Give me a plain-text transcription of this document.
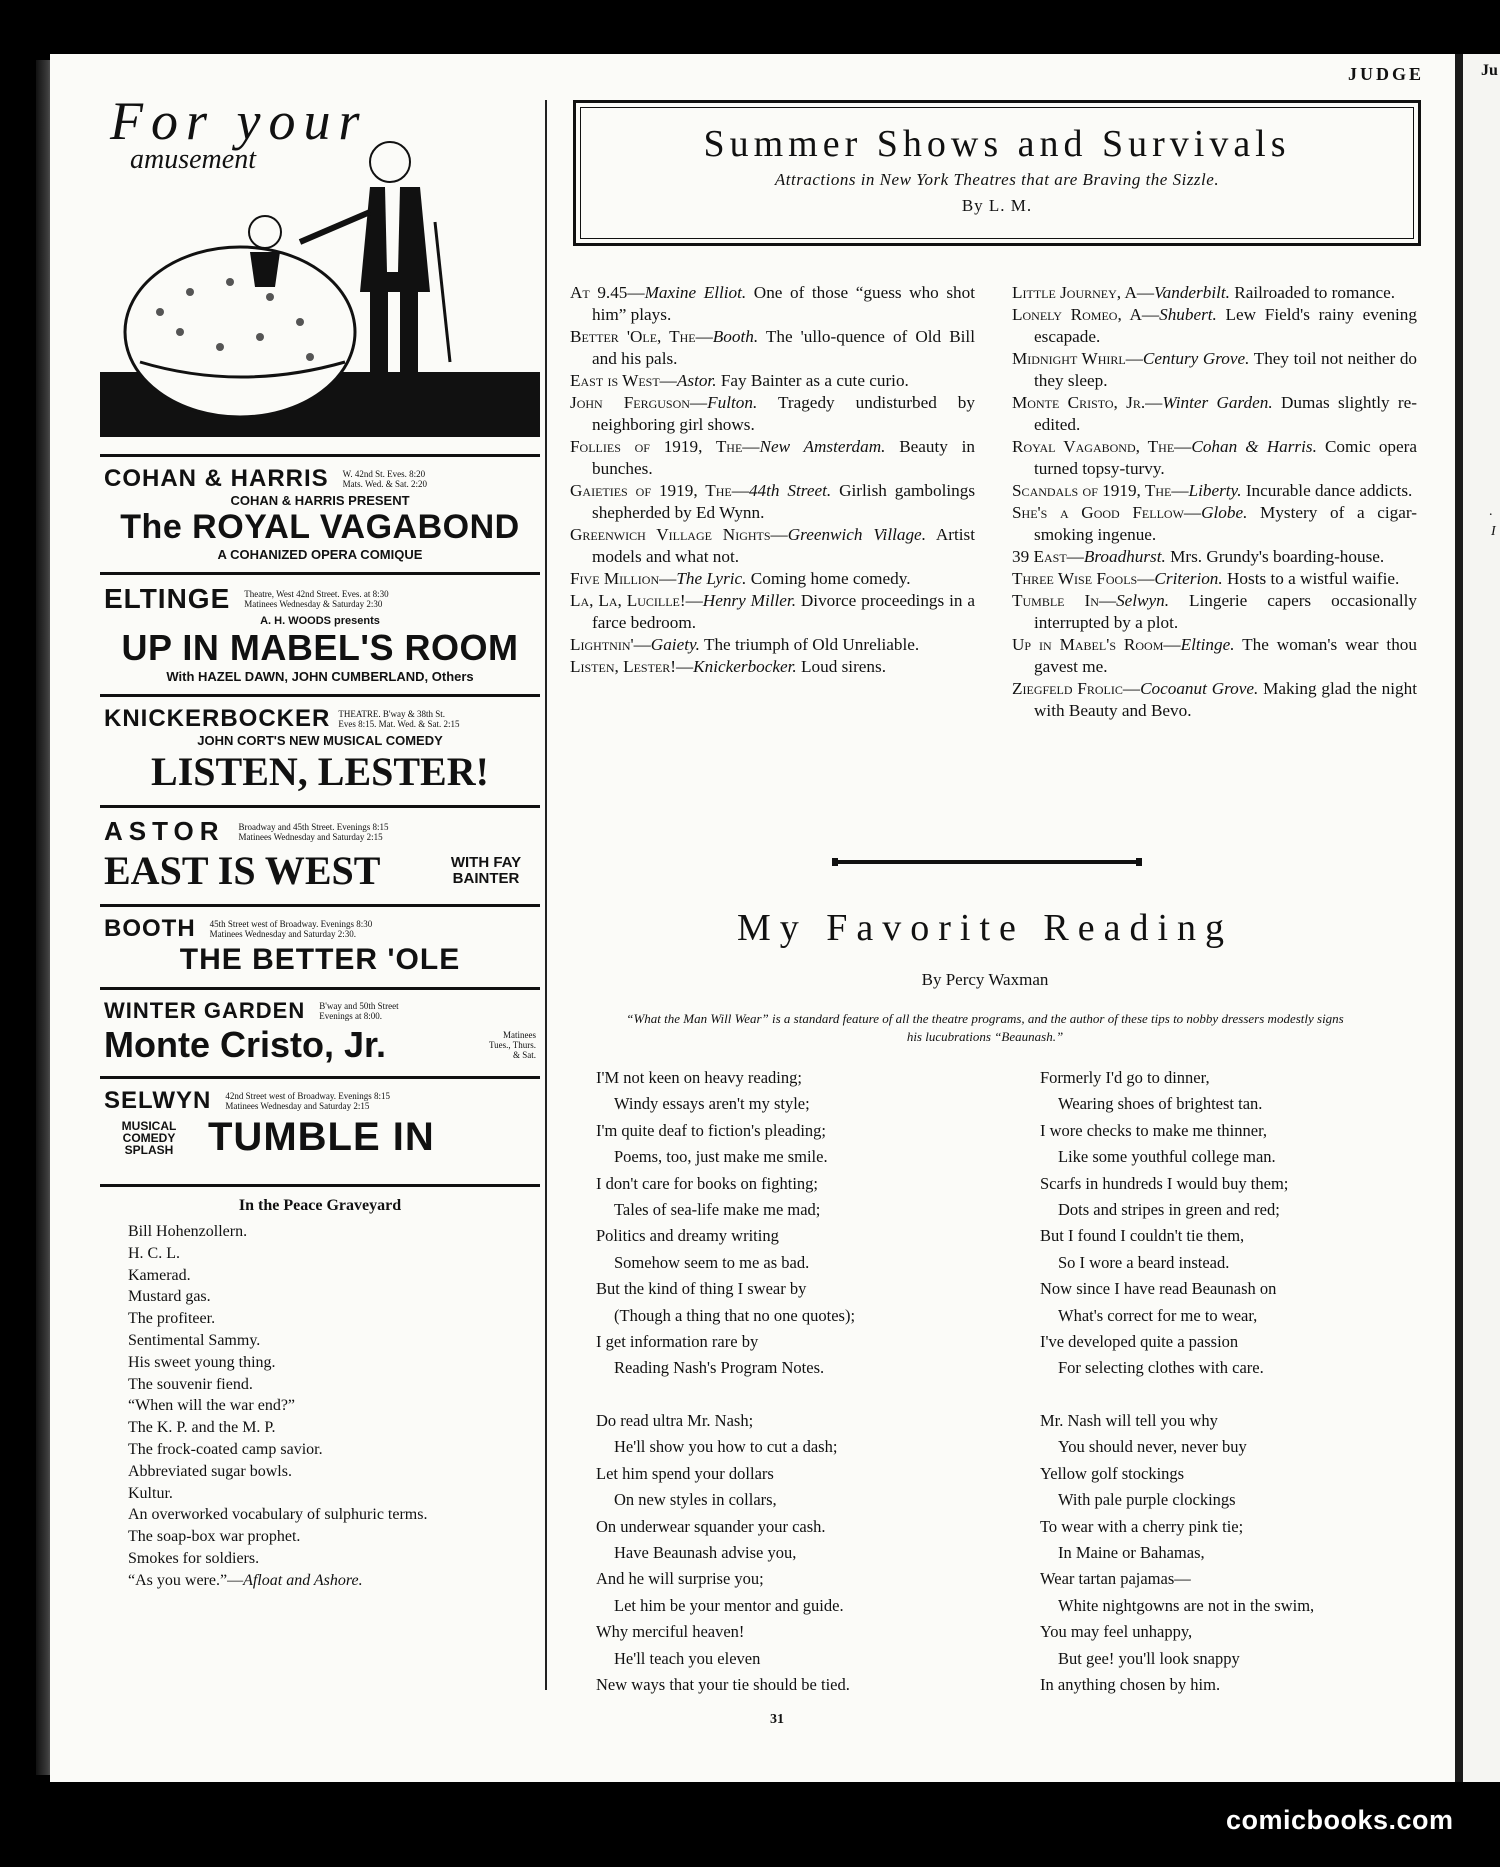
Ju
.
I
JUDGE
For your
amusement
COHAN & HARRIS W. 42nd St. Eves. 8:20
Mats. Wed. & Sat. 2:20
COHAN & HARRIS PRESENT
The ROYAL VAGABOND
A COHANIZED OPERA COMIQUE
ELTINGE Theatre, West 42nd Street. Eves. at 8:30
Matinees Wednesday & Saturday 2:30
A. H. WOODS presents
UP IN MABEL'S ROOM
With HAZEL DAWN, JOHN CUMBERLAND, Others
KNICKERBOCKER THEATRE. B'way & 38th St.
Eves 8:15. Mat. Wed. & Sat. 2:15
JOHN CORT'S NEW MUSICAL COMEDY
LISTEN, LESTER!
ASTOR Broadway and 45th Street. Evenings 8:15
Matinees Wednesday and Saturday 2:15
EAST IS WEST	WITH FAY BAINTER
BOOTH 45th Street west of Broadway. Evenings 8:30
Matinees Wednesday and Saturday 2:30.
THE BETTER 'OLE
WINTER GARDEN B'way and 50th Street
Evenings at 8:00.
Monte Cristo, Jr.	Matinees
Tues., Thurs.
& Sat.
SELWYN 42nd Street west of Broadway. Evenings 8:15
Matinees Wednesday and Saturday 2:15
MUSICAL
COMEDY
SPLASH TUMBLE IN
In the Peace Graveyard
Bill Hohenzollern.
H. C. L.
Kamerad.
Mustard gas.
The profiteer.
Sentimental Sammy.
His sweet young thing.
The souvenir fiend.
“When will the war end?”
The K. P. and the M. P.
The frock-coated camp savior.
Abbreviated sugar bowls.
Kultur.
An overworked vocabulary of sulphuric terms.
The soap-box war prophet.
Smokes for soldiers.
“As you were.”—Afloat and Ashore.
Summer Shows and Survivals
Attractions in New York Theatres that are Braving the Sizzle.
By L. M.
At 9.45—Maxine Elliot. One of those “guess who shot him” plays.
Better 'Ole, The—Booth. The 'ullo-quence of Old Bill and his pals.
East is West—Astor. Fay Bainter as a cute curio.
John Ferguson—Fulton. Tragedy undisturbed by neighboring girl shows.
Follies of 1919, The—New Amsterdam. Beauty in bunches.
Gaieties of 1919, The—44th Street. Girlish gambolings shepherded by Ed Wynn.
Greenwich Village Nights—Greenwich Village. Artist models and what not.
Five Million—The Lyric. Coming home comedy.
La, La, Lucille!—Henry Miller. Divorce proceedings in a farce bedroom.
Lightnin'—Gaiety. The triumph of Old Unreliable.
Listen, Lester!—Knickerbocker. Loud sirens.
Little Journey, A—Vanderbilt. Railroaded to romance.
Lonely Romeo, A—Shubert. Lew Field's rainy evening escapade.
Midnight Whirl—Century Grove. They toil not neither do they sleep.
Monte Cristo, Jr.—Winter Garden. Dumas slightly re-edited.
Royal Vagabond, The—Cohan & Harris. Comic opera turned topsy-turvy.
Scandals of 1919, The—Liberty. Incurable dance addicts.
She's a Good Fellow—Globe. Mystery of a cigar-smoking ingenue.
39 East—Broadhurst. Mrs. Grundy's boarding-house.
Three Wise Fools—Criterion. Hosts to a wistful waifie.
Tumble In—Selwyn. Lingerie capers occasionally interrupted by a plot.
Up in Mabel's Room—Eltinge. The woman's wear thou gavest me.
Ziegfeld Frolic—Cocoanut Grove. Making glad the night with Beauty and Bevo.
My Favorite Reading
By Percy Waxman
“What the Man Will Wear” is a standard feature of all the theatre programs, and the author of these tips to nobby dressers modestly signs his lucubrations “Beaunash.”
I'M not keen on heavy reading;
Windy essays aren't my style;
I'm quite deaf to fiction's pleading;
Poems, too, just make me smile.
I don't care for books on fighting;
Tales of sea-life make me mad;
Politics and dreamy writing
Somehow seem to me as bad.
But the kind of thing I swear by
(Though a thing that no one quotes);
I get information rare by
Reading Nash's Program Notes.
Do read ultra Mr. Nash;
He'll show you how to cut a dash;
Let him spend your dollars
On new styles in collars,
On underwear squander your cash.
Have Beaunash advise you,
And he will surprise you;
Let him be your mentor and guide.
Why merciful heaven!
He'll teach you eleven
New ways that your tie should be tied.
Formerly I'd go to dinner,
Wearing shoes of brightest tan.
I wore checks to make me thinner,
Like some youthful college man.
Scarfs in hundreds I would buy them;
Dots and stripes in green and red;
But I found I couldn't tie them,
So I wore a beard instead.
Now since I have read Beaunash on
What's correct for me to wear,
I've developed quite a passion
For selecting clothes with care.
Mr. Nash will tell you why
You should never, never buy
Yellow golf stockings
With pale purple clockings
To wear with a cherry pink tie;
In Maine or Bahamas,
Wear tartan pajamas—
White nightgowns are not in the swim,
You may feel unhappy,
But gee! you'll look snappy
In anything chosen by him.
31
comicbooks.com
